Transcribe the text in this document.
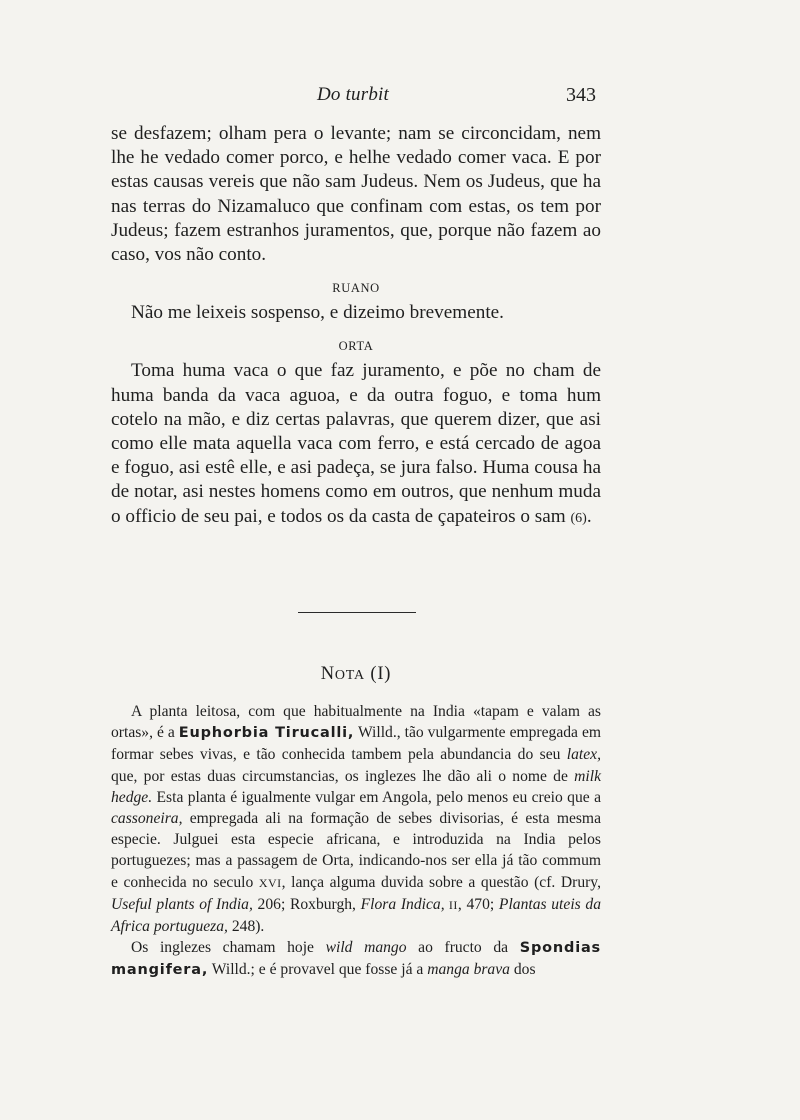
Do turbit	343

se desfazem; olham pera o levante; nam se circoncidam, nem lhe he vedado comer porco, e helhe vedado comer vaca. E por estas causas vereis que não sam Judeus. Nem os Judeus, que ha nas terras do Nizamaluco que confinam com estas, os tem por Judeus; fazem estranhos juramentos, que, porque não fazem ao caso, vos não conto.

RUANO

Não me leixeis sospenso, e dizeimo brevemente.

ORTA

Toma huma vaca o que faz juramento, e põe no cham de huma banda da vaca aguoa, e da outra foguo, e toma hum cotelo na mão, e diz certas palavras, que querem dizer, que asi como elle mata aquella vaca com ferro, e está cercado de agoa e foguo, asi estê elle, e asi padeça, se jura falso. Huma cousa ha de notar, asi nestes homens como em outros, que nenhum muda o officio de seu pai, e todos os da casta de çapateiros o sam (6).

NOTA (I)

A planta leitosa, com que habitualmente na India «tapam e valam as ortas», é a Euphorbia Tirucalli, Willd., tão vulgarmente empregada em formar sebes vivas, e tão conhecida tambem pela abundancia do seu latex, que, por estas duas circumstancias, os inglezes lhe dão ali o nome de milk hedge. Esta planta é igualmente vulgar em Angola, pelo menos eu creio que a cassoneira, empregada ali na formação de sebes divisorias, é esta mesma especie. Julguei esta especie africana, e introduzida na India pelos portuguezes; mas a passagem de Orta, indicando-nos ser ella já tão commum e conhecida no seculo XVI, lança alguma duvida sobre a questão (cf. Drury, Useful plants of India, 206; Roxburgh, Flora Indica, II, 470; Plantas uteis da Africa portugueza, 248).

Os inglezes chamam hoje wild mango ao fructo da Spondias mangifera, Willd.; e é provavel que fosse já a manga brava dos
